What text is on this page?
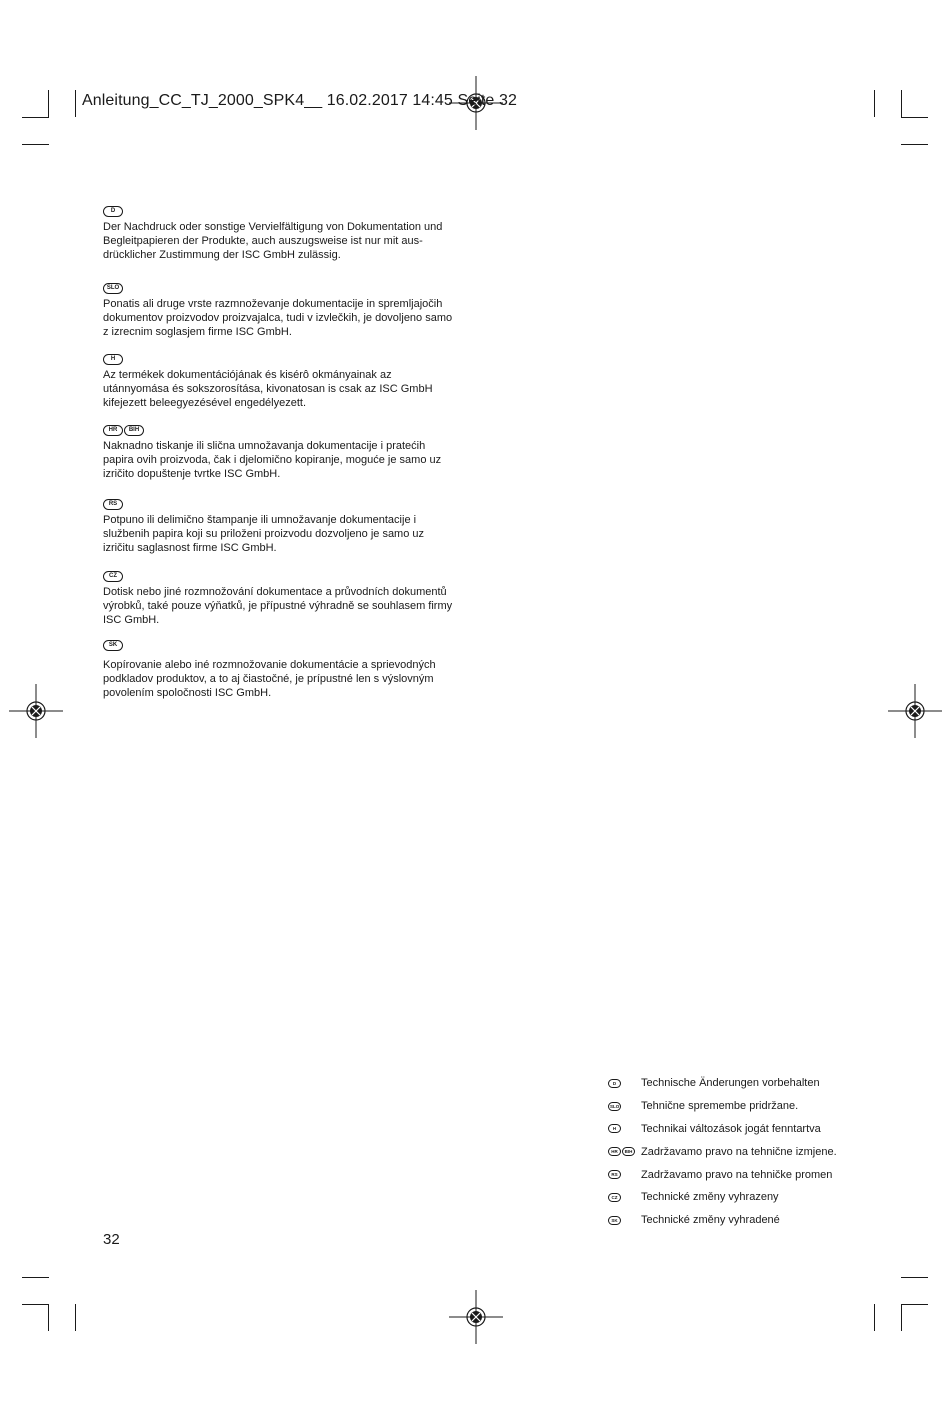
Anleitung_CC_TJ_2000_SPK4__ 16.02.2017 14:45 Seite 32
D
Der Nachdruck oder sonstige Vervielfältigung von Dokumentation und
Begleitpapieren der Produkte, auch auszugsweise ist nur mit aus-
drücklicher Zustimmung der ISC GmbH zulässig.
SLO
Ponatis ali druge vrste razmnoževanje dokumentacije in spremljajočih
dokumentov proizvodov proizvajalca, tudi v izvlečkih, je dovoljeno samo
z izrecnim soglasjem firme ISC GmbH.
H
Az termékek dokumentációjának és kisérô okmányainak az
utánnyomása és sokszorosítása, kivonatosan is csak az ISC GmbH
kifejezett beleegyezésével engedélyezett.
HR BIH
Naknadno tiskanje ili slična umnožavanja dokumentacije i pratećih
papira ovih proizvoda, čak i djelomično kopiranje, moguće je samo uz
izričito dopuštenje tvrtke ISC GmbH.
RS
Potpuno ili delimično štampanje ili umnožavanje dokumentacije i
službenih papira koji su priloženi proizvodu dozvoljeno je samo uz
izričitu saglasnost firme ISC GmbH.
CZ
Dotisk nebo jiné rozmnožování dokumentace a průvodních dokumentů
výrobků, také pouze výňatků, je přípustné výhradně se souhlasem firmy
ISC GmbH.
SK
Kopírovanie alebo iné rozmnožovanie dokumentácie a sprievodných
podkladov produktov, a to aj čiastočné, je prípustné len s výslovným
povolením spoločnosti ISC GmbH.
D	Technische Änderungen vorbehalten
SLO Tehnične spremembe pridržane.
H	Technikai változások jogát fenntartva
HR	BIH Zadržavamo pravo na tehnične izmjene.
RS	Zadržavamo pravo na tehničke promen
CZ	Technické změny vyhrazeny
SK	Technické změny vyhradené
32
